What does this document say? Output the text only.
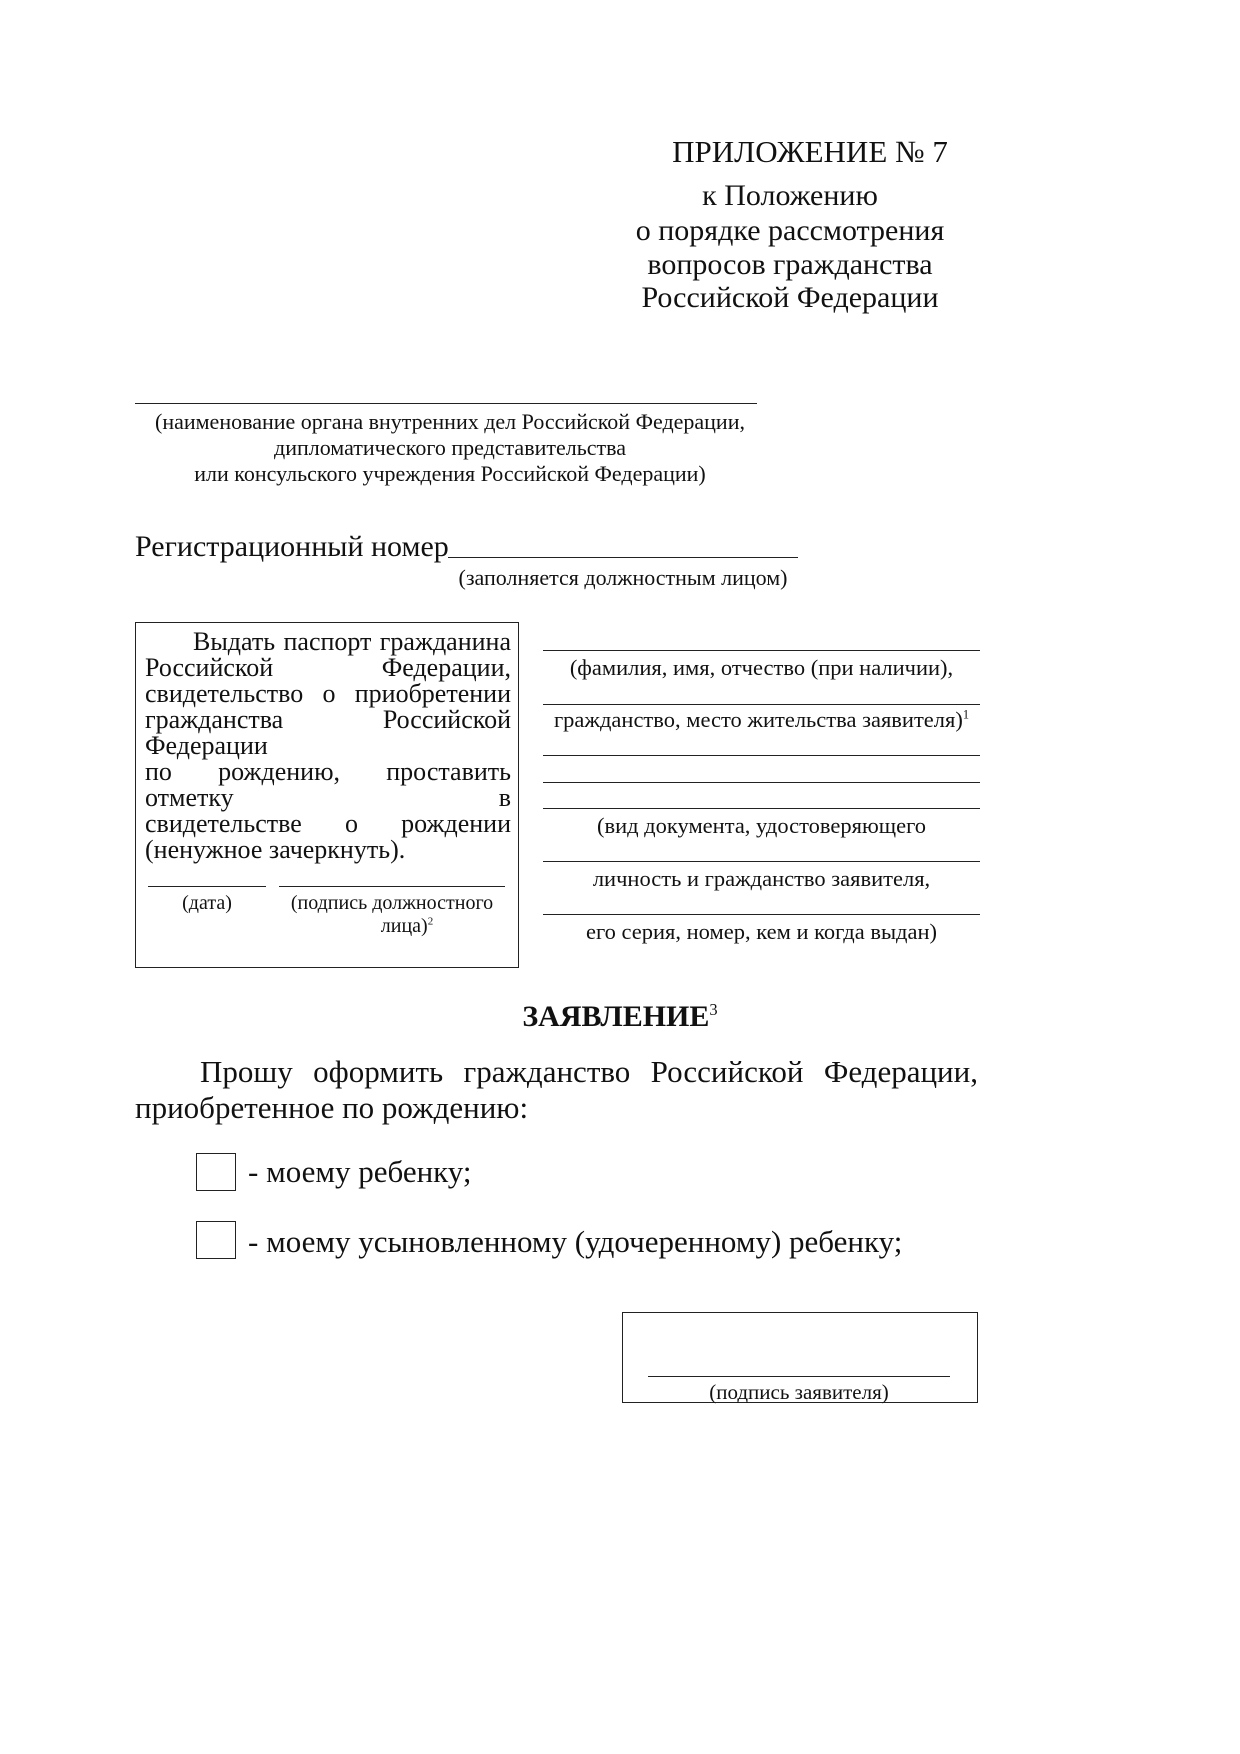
ПРИЛОЖЕНИЕ № 7
к Положению
о порядке рассмотрения
вопросов гражданства
Российской Федерации
(наименование органа внутренних дел Российской Федерации,
дипломатического представительства
или консульского учреждения Российской Федерации)
Регистрационный номер
(заполняется должностным лицом)
Выдать паспорт гражданина
Российской Федерации,
свидетельство о приобретении
гражданства Российской Федерации
по рождению, проставить отметку в
свидетельстве о рождении
(ненужное зачеркнуть).
(дата)	(подпись должностного
лица)$^2$
(фамилия, имя, отчество (при наличии),
гражданство, место жительства заявителя)$^1$
(вид документа, удостоверяющего
личность и гражданство заявителя,
его серия, номер, кем и когда выдан)
ЗАЯВЛЕНИЕ$^3$
Прошу оформить гражданство Российской Федерации,
приобретенное по рождению:
- моему ребенку;
- моему усыновленному (удочеренному) ребенку;
(подпись заявителя)
